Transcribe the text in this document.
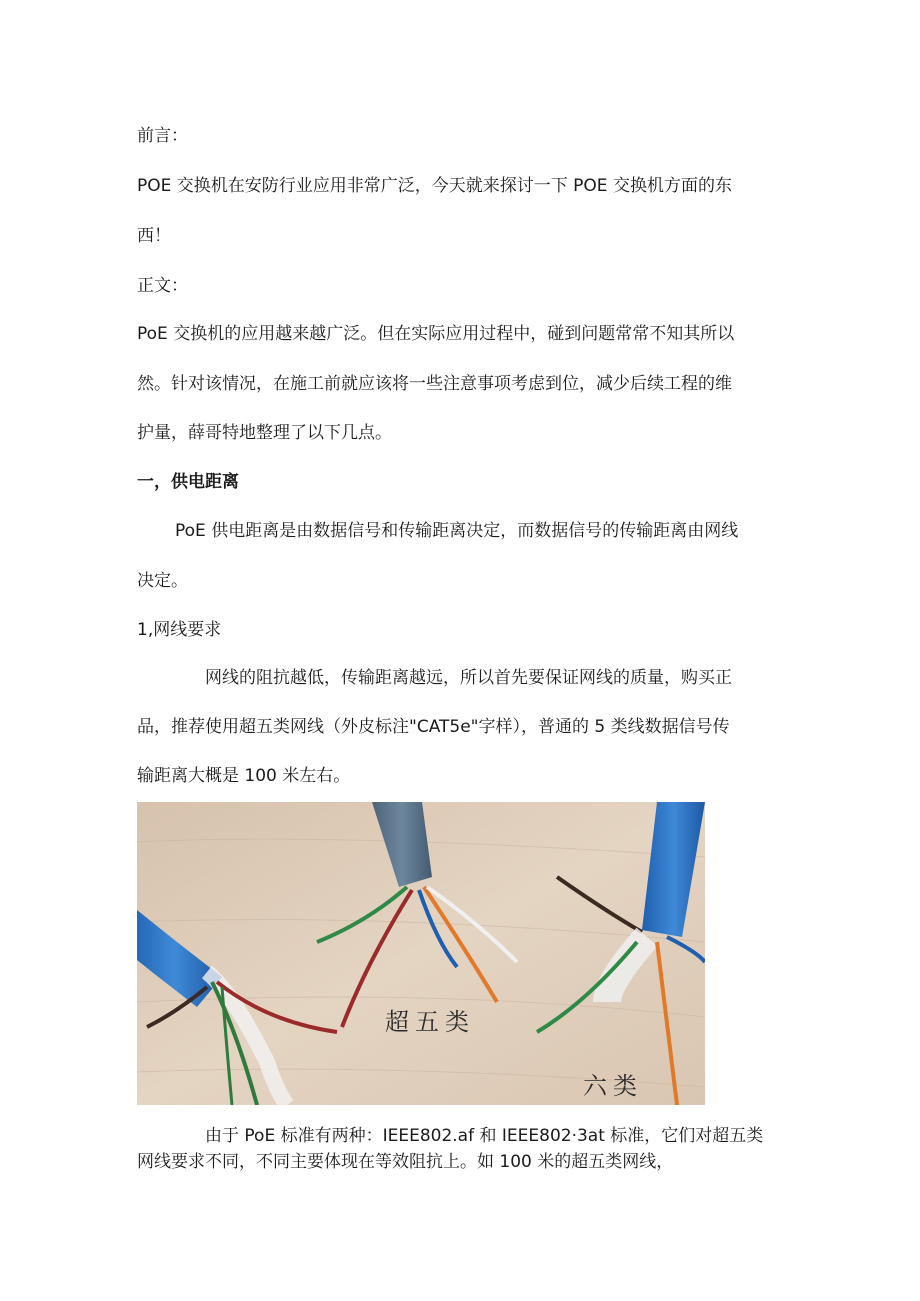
前言：
POE 交换机在安防行业应用非常广泛，今天就来探讨一下 POE 交换机方面的东
西！
正文：
PoE 交换机的应用越来越广泛。但在实际应用过程中，碰到问题常常不知其所以
然。针对该情况，在施工前就应该将一些注意事项考虑到位，减少后续工程的维
护量，薛哥特地整理了以下几点。
一，供电距离
PoE 供电距离是由数据信号和传输距离决定，而数据信号的传输距离由网线
决定。
1,网线要求
网线的阻抗越低，传输距离越远，所以首先要保证网线的质量，购买正
品，推荐使用超五类网线（外皮标注"CAT5e"字样），普通的 5 类线数据信号传
输距离大概是 100 米左右。
超五类
六类
由于 PoE 标准有两种：IEEE802.af 和 IEEE802·3at 标准，它们对超五类
网线要求不同，不同主要体现在等效阻抗上。如 100 米的超五类网线，
